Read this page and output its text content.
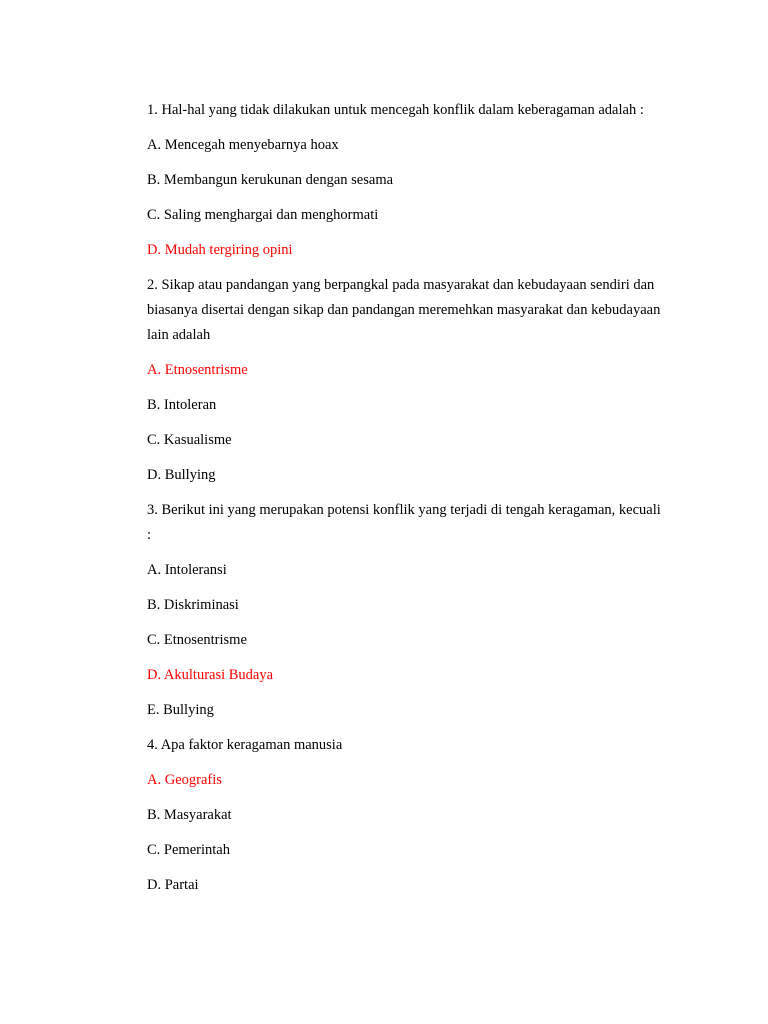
1. Hal-hal yang tidak dilakukan untuk mencegah konflik dalam keberagaman adalah :

A. Mencegah menyebarnya hoax

B. Membangun kerukunan dengan sesama

C. Saling menghargai dan menghormati

D. Mudah tergiring opini

2. Sikap atau pandangan yang berpangkal pada masyarakat dan kebudayaan sendiri dan biasanya disertai dengan sikap dan pandangan meremehkan masyarakat dan kebudayaan lain adalah

A. Etnosentrisme

B. Intoleran

C. Kasualisme

D. Bullying

3. Berikut ini yang merupakan potensi konflik yang terjadi di tengah keragaman, kecuali :

A. Intoleransi

B. Diskriminasi

C. Etnosentrisme

D. Akulturasi Budaya

E. Bullying

4. Apa faktor keragaman manusia

A. Geografis

B. Masyarakat

C. Pemerintah

D. Partai
